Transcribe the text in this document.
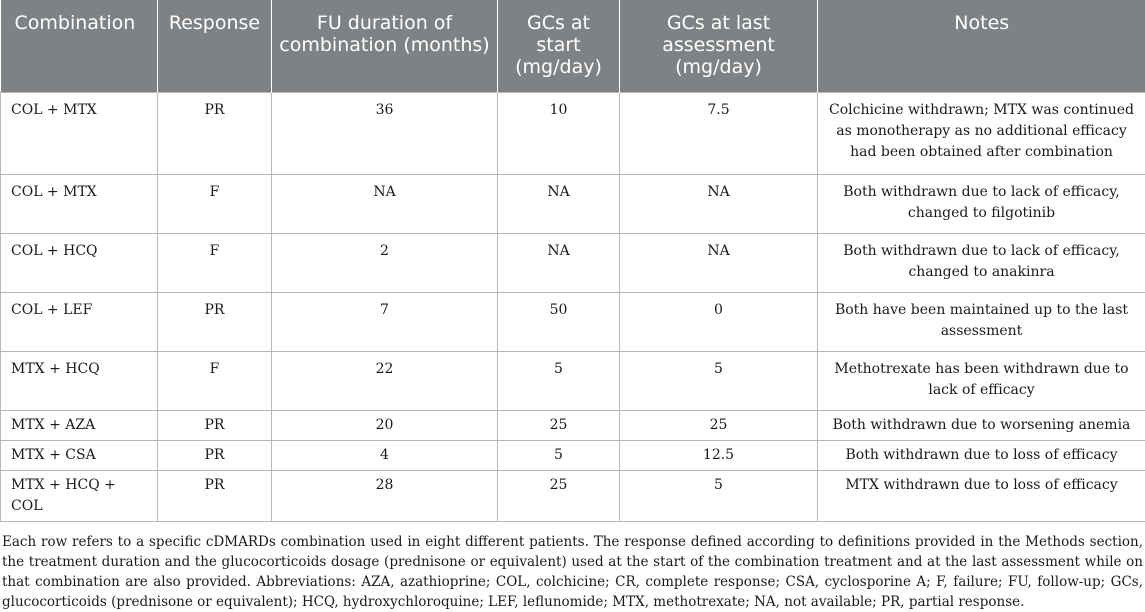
Combination	Response	FU duration of combination (months)	GCs at start (mg/day)	GCs at last assessment (mg/day)	Notes

COL + MTX	PR	36	10	7.5	Colchicine withdrawn; MTX was continued as monotherapy as no additional efficacy had been obtained after combination
COL + MTX	F	NA	NA	NA	Both withdrawn due to lack of efficacy, changed to filgotinib
COL + HCQ	F	2	NA	NA	Both withdrawn due to lack of efficacy, changed to anakinra
COL + LEF	PR	7	50	0	Both have been maintained up to the last assessment
MTX + HCQ	F	22	5	5	Methotrexate has been withdrawn due to lack of efficacy
MTX + AZA	PR	20	25	25	Both withdrawn due to worsening anemia
MTX + CSA	PR	4	5	12.5	Both withdrawn due to loss of efficacy
MTX + HCQ + COL	PR	28	25	5	MTX withdrawn due to loss of efficacy
Each row refers to a specific cDMARDs combination used in eight different patients. The response defined according to definitions provided in the Methods section, the treatment duration and the glucocorticoids dosage (prednisone or equivalent) used at the start of the combination treatment and at the last assessment while on that combination are also provided. Abbreviations: AZA, azathioprine; COL, colchicine; CR, complete response; CSA, cyclosporine A; F, failure; FU, follow-up; GCs, glucocorticoids (prednisone or equivalent); HCQ, hydroxychloroquine; LEF, leflunomide; MTX, methotrexate; NA, not available; PR, partial response.
